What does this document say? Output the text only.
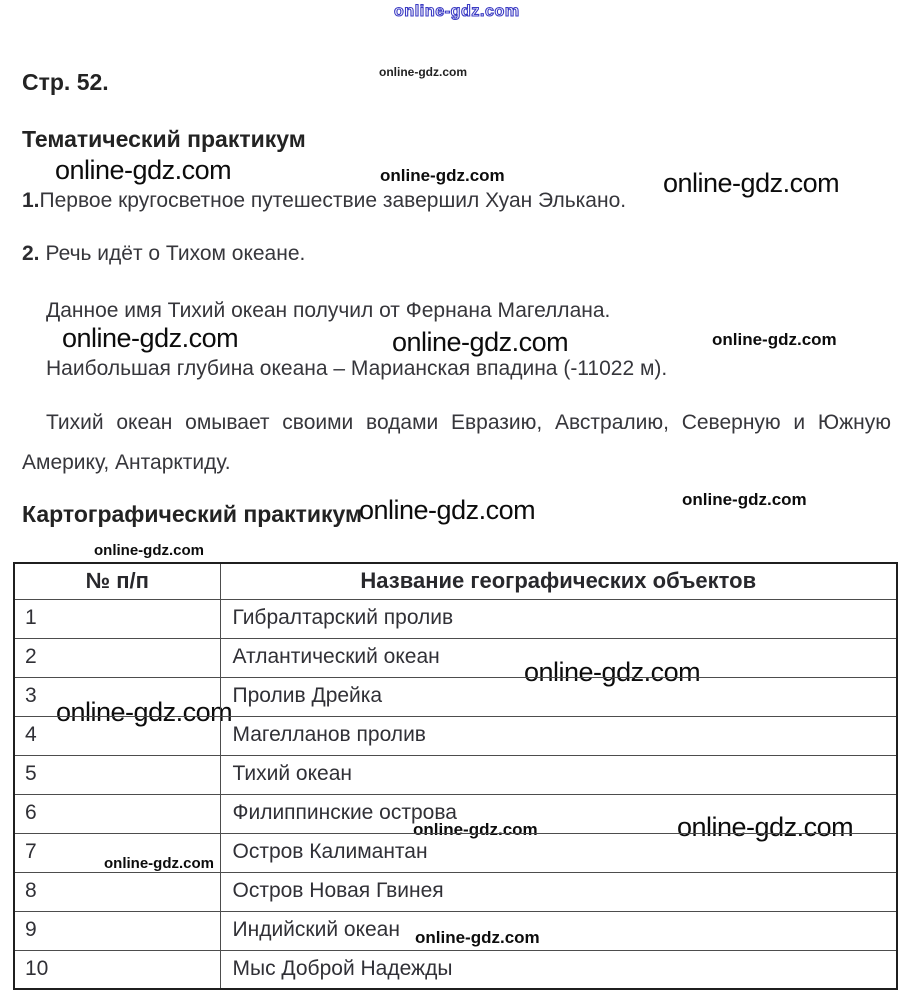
online-gdz.com
online-gdz.com
online-gdz.com	online-gdz.com	online-gdz.com
online-gdz.com	online-gdz.com	online-gdz.com
online-gdz.com
online-gdz.com
online-gdz.com
online-gdz.com
online-gdz.com
online-gdz.com	online-gdz.com
online-gdz.com
online-gdz.com
Стр. 52.
Тематический практикум
1.Первое кругосветное путешествие завершил Хуан Элькано.
2. Речь идёт о Тихом океане.
Данное имя Тихий океан получил от Фернана Магеллана.
Наибольшая глубина океана – Марианская впадина (-11022 м).
Тихий океан омывает своими водами Евразию, Австралию, Северную и Южную
Америку, Антарктиду.
Картографический практикум
№ п/п	Название географических объектов
1	Гибралтарский пролив
2	Атлантический океан
3	Пролив Дрейка
4	Магелланов пролив
5	Тихий океан
6	Филиппинские острова
7	Остров Калимантан
8	Остров Новая Гвинея
9	Индийский океан
10	Мыс Доброй Надежды
